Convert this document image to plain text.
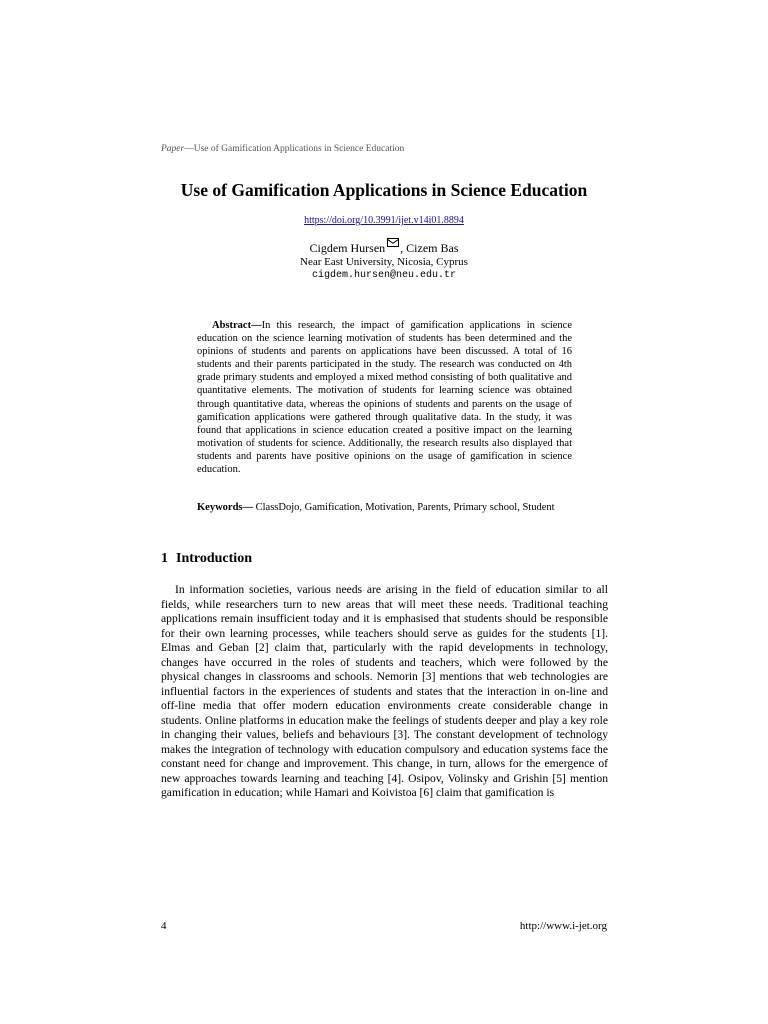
Paper—Use of Gamification Applications in Science Education
Use of Gamification Applications in Science Education
https://doi.org/10.3991/ijet.v14i01.8894
Cigdem Hursen , Cizem Bas
Near East University, Nicosia, Cyprus
cigdem.hursen@neu.edu.tr

Abstract—In this research, the impact of gamification applications in science education on the science learning motivation of students has been determined and the opinions of students and parents on applications have been discussed. A total of 16 students and their parents participated in the study. The research was conducted on 4th grade primary students and employed a mixed method consisting of both qualitative and quantitative elements. The motivation of students for learning science was obtained through quantitative data, whereas the opinions of students and parents on the usage of gamification applications were gathered through qualitative data. In the study, it was found that applications in science education created a positive impact on the learning motivation of students for science. Additionally, the research results also displayed that students and parents have positive opinions on the usage of gamification in science education.

Keywords— ClassDojo, Gamification, Motivation, Parents, Primary school, Student

1 Introduction

In information societies, various needs are arising in the field of education similar to all fields, while researchers turn to new areas that will meet these needs. Traditional teaching applications remain insufficient today and it is emphasised that students should be responsible for their own learning processes, while teachers should serve as guides for the students [1]. Elmas and Geban [2] claim that, particularly with the rapid developments in technology, changes have occurred in the roles of students and teachers, which were followed by the physical changes in classrooms and schools. Nemorin [3] mentions that web technologies are influential factors in the experiences of students and states that the interaction in on-line and off-line media that offer modern education environments create considerable change in students. Online platforms in education make the feelings of students deeper and play a key role in changing their values, beliefs and behaviours [3]. The constant development of technology makes the integration of technology with education compulsory and education systems face the constant need for change and improvement. This change, in turn, allows for the emergence of new approaches towards learning and teaching [4]. Osipov, Volinsky and Grishin [5] mention gamification in education; while Hamari and Koivistoa [6] claim that gamification is

4	http://www.i-jet.org
